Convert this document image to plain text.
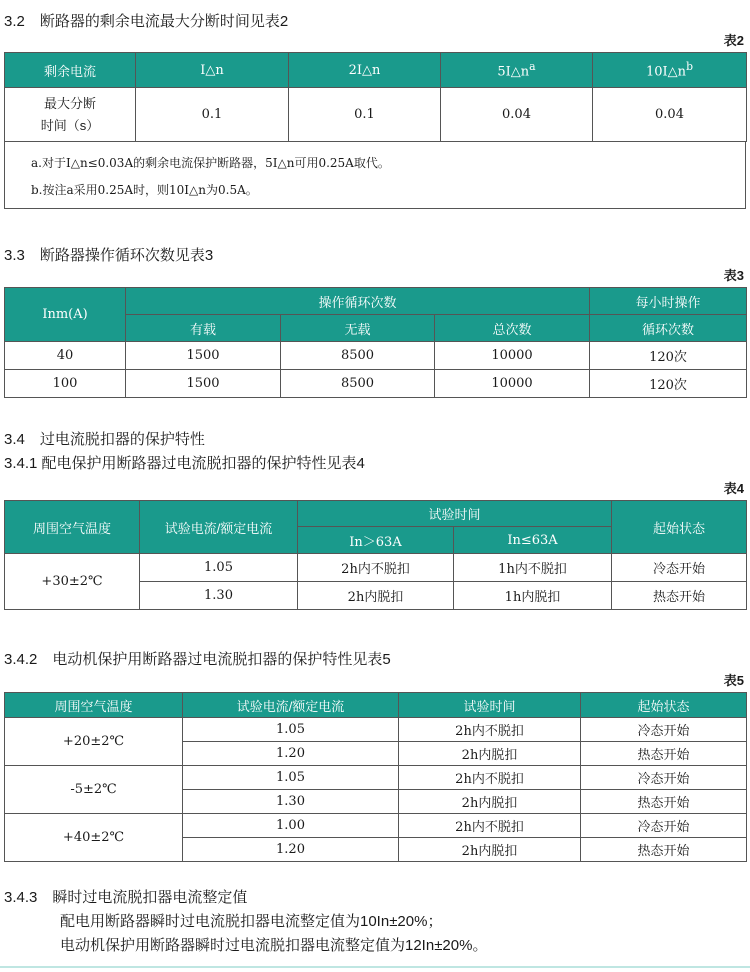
3.2　断路器的剩余电流最大分断时间见表2
表2
剩余电流	I△n	2I△n	$5I\triangle n^a$	$10I\triangle n^b$

最大分断
时间（s）	0.1	0.1	0.04	0.04
a.对于I△n≤0.03A的剩余电流保护断路器，5I△n可用0.25A取代。
b.按注a采用0.25A时，则10I△n为0.5A。
3.3　断路器操作循环次数见表3
表3
Inm(A)	操作循环次数			每小时操作
	有载	无载	总次数	循环次数
40	1500	8500	10000	120次
100	1500	8500	10000	120次
3.4　过电流脱扣器的保护特性
3.4.1 配电保护用断路器过电流脱扣器的保护特性见表4
表4
周围空气温度	试验电流/额定电流	试验时间		起始状态
		In＞63A	In≤63A	
+30±2℃	1.05	2h内不脱扣	1h内不脱扣	冷态开始
	1.30	2h内脱扣	1h内脱扣	热态开始
3.4.2　电动机保护用断路器过电流脱扣器的保护特性见表5
表5
周围空气温度	试验电流/额定电流	试验时间	起始状态
+20±2℃	1.05	2h内不脱扣	冷态开始
	1.20	2h内脱扣	热态开始
-5±2℃	1.05	2h内不脱扣	冷态开始
	1.30	2h内脱扣	热态开始
+40±2℃	1.00	2h内不脱扣	冷态开始
	1.20	2h内脱扣	热态开始
3.4.3　瞬时过电流脱扣器电流整定值
配电用断路器瞬时过电流脱扣器电流整定值为10In±20%；
电动机保护用断路器瞬时过电流脱扣器电流整定值为12In±20%。
